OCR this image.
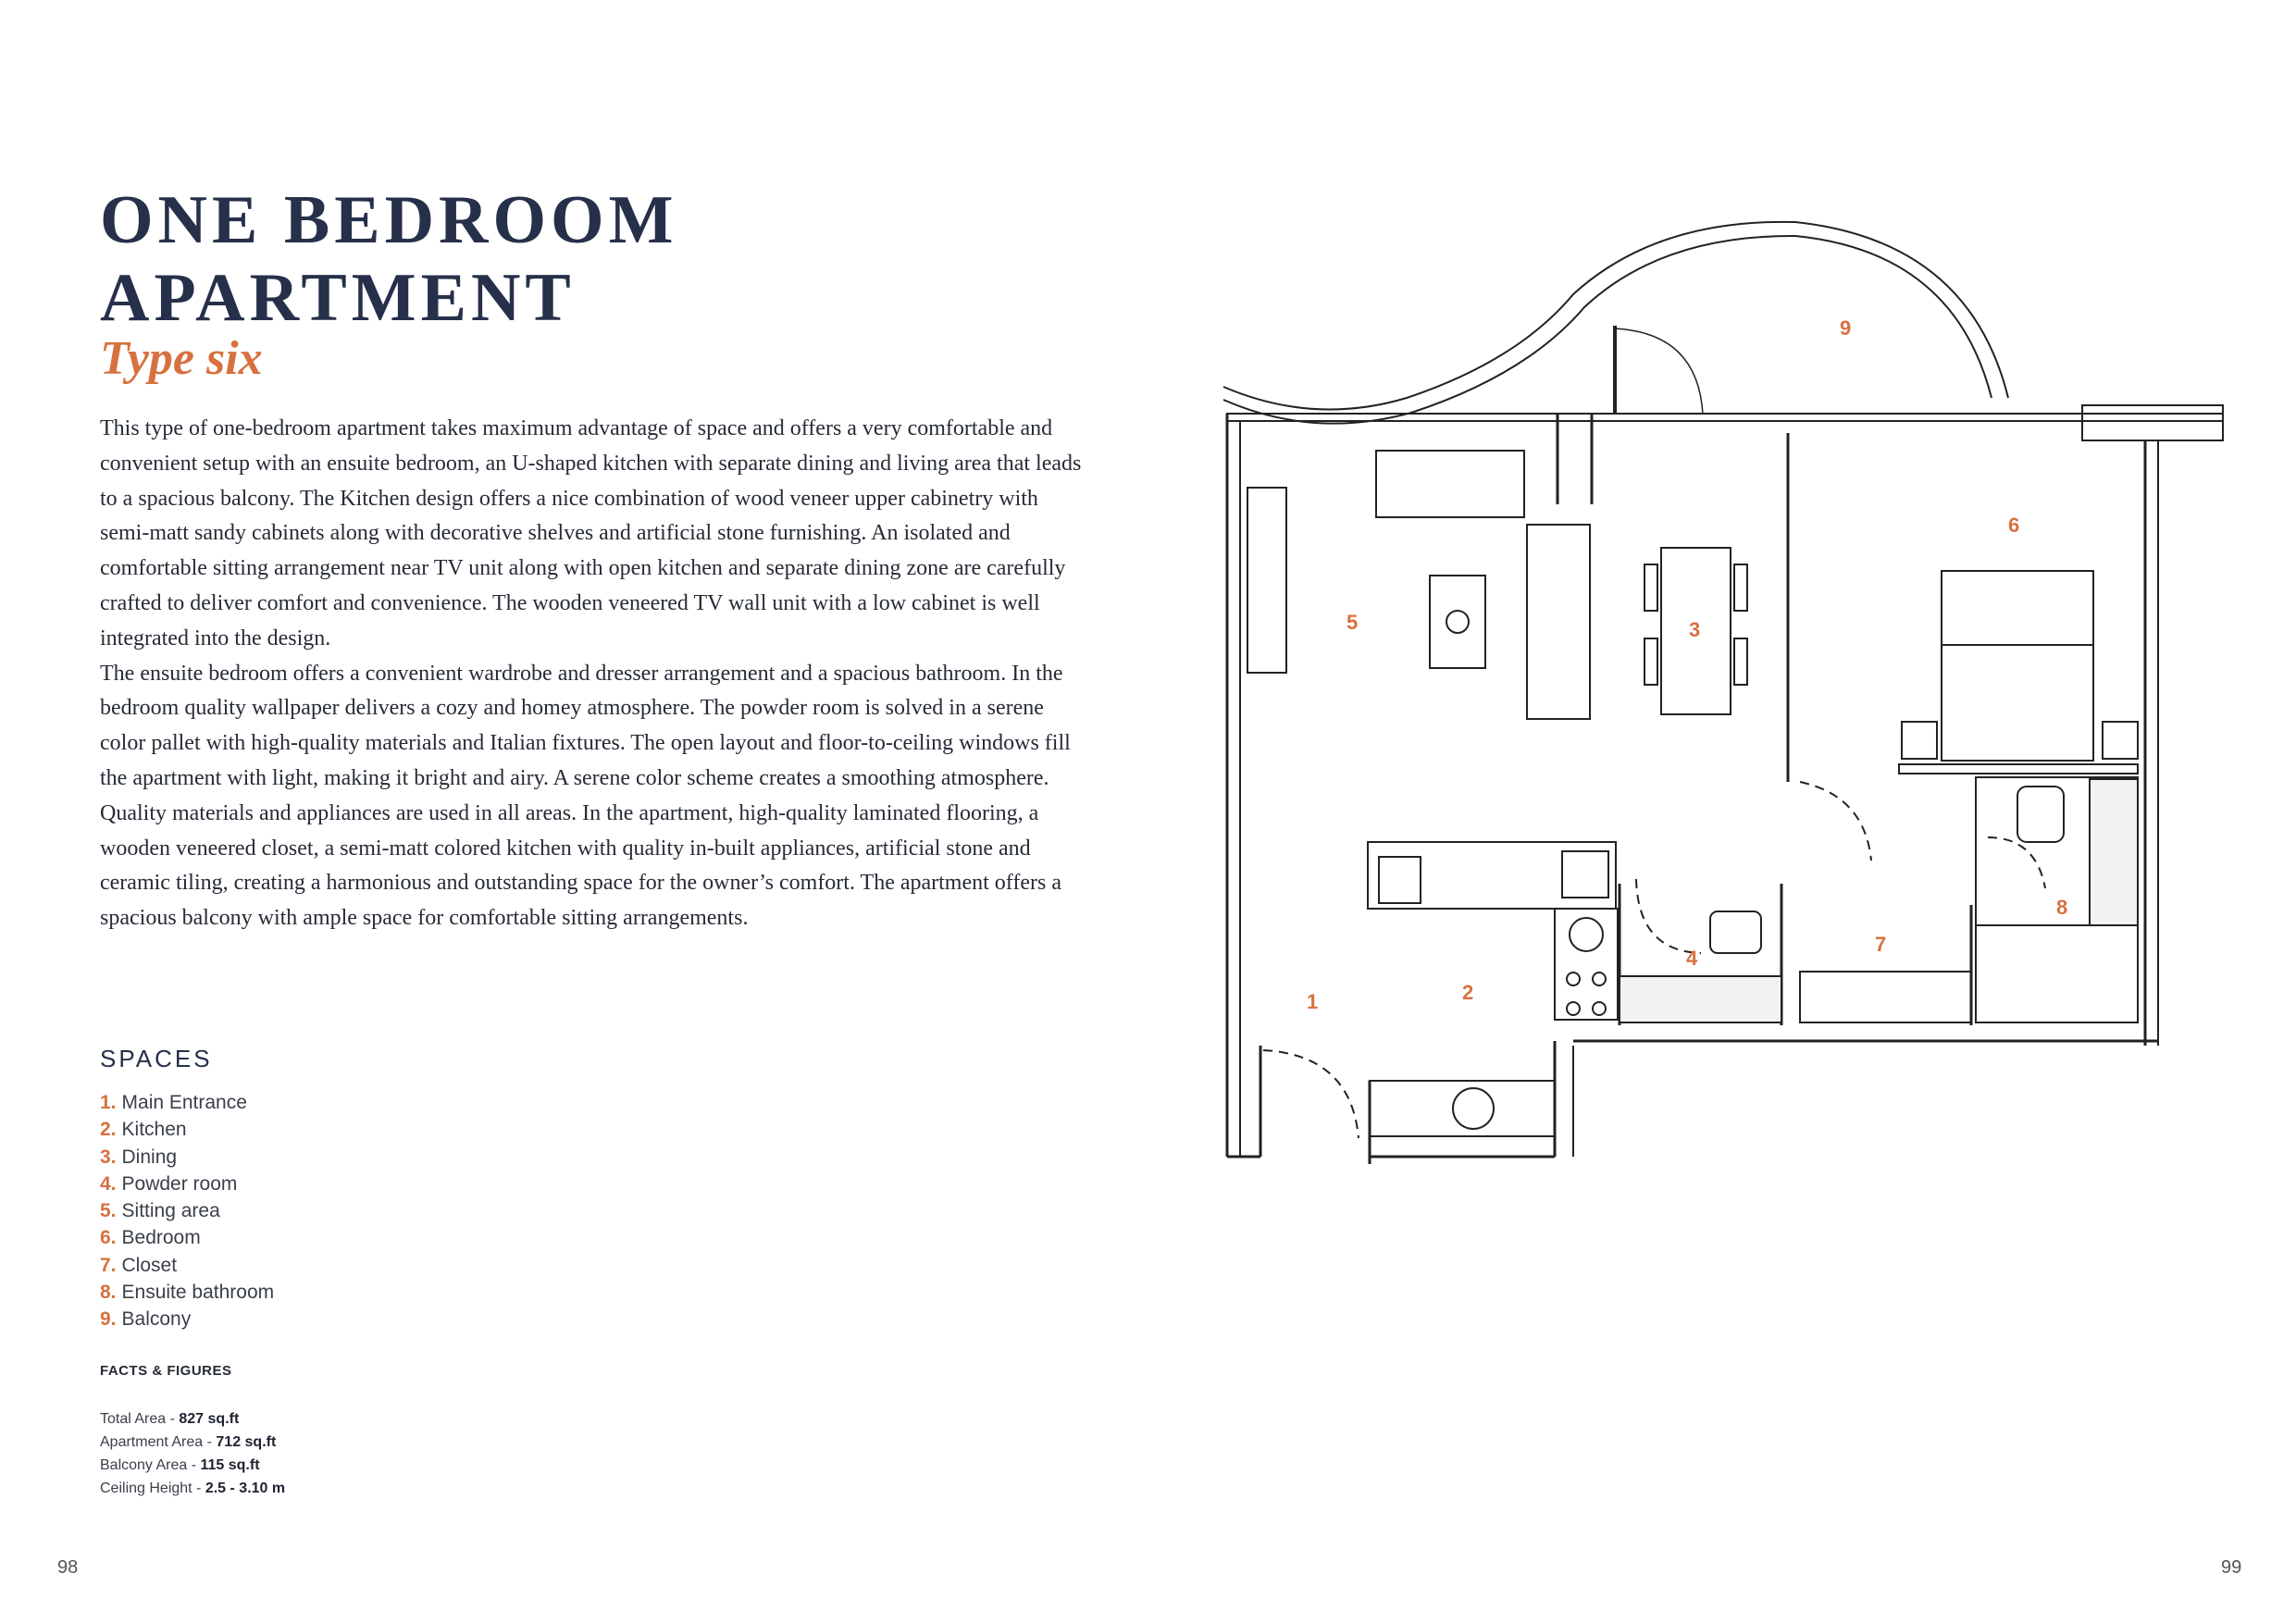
ONE BEDROOM
APARTMENT
Type six

This type of one-bedroom apartment takes maximum advantage of space and offers a very comfortable and convenient setup with an ensuite bedroom, an U-shaped kitchen with separate dining and living area that leads to a spacious balcony. The Kitchen design offers a nice combination of wood veneer upper cabinetry with semi-matt sandy cabinets along with decorative shelves and artificial stone furnishing. An isolated and comfortable sitting arrangement near TV unit along with open kitchen and separate dining zone are carefully crafted to deliver comfort and convenience. The wooden veneered TV wall unit with a low cabinet is well integrated into the design.

The ensuite bedroom offers a convenient wardrobe and dresser arrangement and a spacious bathroom. In the bedroom quality wallpaper delivers a cozy and homey atmosphere. The powder room is solved in a serene color pallet with high-quality materials and Italian fixtures. The open layout and floor-to-ceiling windows fill the apartment with light, making it bright and airy. A serene color scheme creates a smoothing atmosphere. Quality materials and appliances are used in all areas. In the apartment, high-quality laminated flooring, a wooden veneered closet, a semi-matt colored kitchen with quality in-built appliances, artificial stone and ceramic tiling, creating a harmonious and outstanding space for the owner’s comfort. The apartment offers a spacious balcony with ample space for comfortable sitting arrangements.

SPACES
1. Main Entrance
2. Kitchen
3. Dining
4. Powder room
5. Sitting area
6. Bedroom
7. Closet
8. Ensuite bathroom
9. Balcony
FACTS & FIGURES
Total Area - 827 sq.ft
Apartment Area - 712 sq.ft
Balcony Area - 115 sq.ft
Ceiling Height - 2.5 - 3.10 m
1	2
3
4
5
6
7
8
9
98	99
